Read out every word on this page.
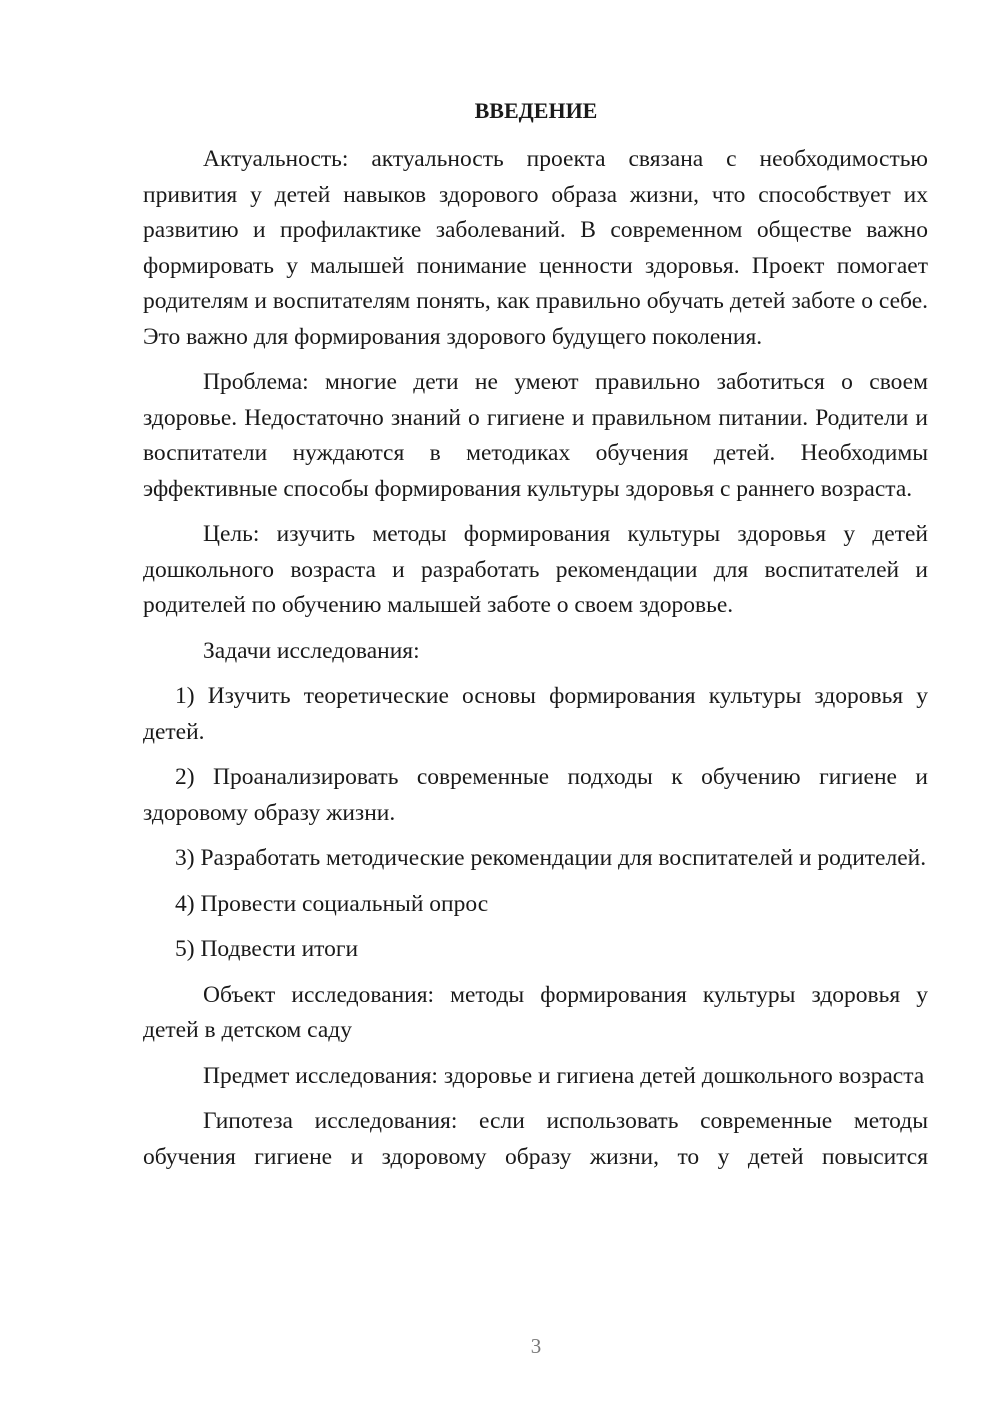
ВВЕДЕНИЕ

Актуальность: актуальность проекта связана с необходимостью привития у детей навыков здорового образа жизни, что способствует их развитию и профилактике заболеваний. В современном обществе важно формировать у малышей понимание ценности здоровья. Проект помогает родителям и воспитателям понять, как правильно обучать детей заботе о себе. Это важно для формирования здорового будущего поколения.

Проблема: многие дети не умеют правильно заботиться о своем здоровье. Недостаточно знаний о гигиене и правильном питании. Родители и воспитатели нуждаются в методиках обучения детей. Необходимы эффективные способы формирования культуры здоровья с раннего возраста.

Цель: изучить методы формирования культуры здоровья у детей дошкольного возраста и разработать рекомендации для воспитателей и родителей по обучению малышей заботе о своем здоровье.

Задачи исследования:

1) Изучить теоретические основы формирования культуры здоровья у детей.

2) Проанализировать современные подходы к обучению гигиене и здоровому образу жизни.

3) Разработать методические рекомендации для воспитателей и родителей.

4) Провести социальный опрос

5) Подвести итоги

Объект исследования: методы формирования культуры здоровья у детей в детском саду

Предмет исследования: здоровье и гигиена детей дошкольного возраста

Гипотеза исследования: если использовать современные методы обучения гигиене и здоровому образу жизни, то у детей повысится

3
